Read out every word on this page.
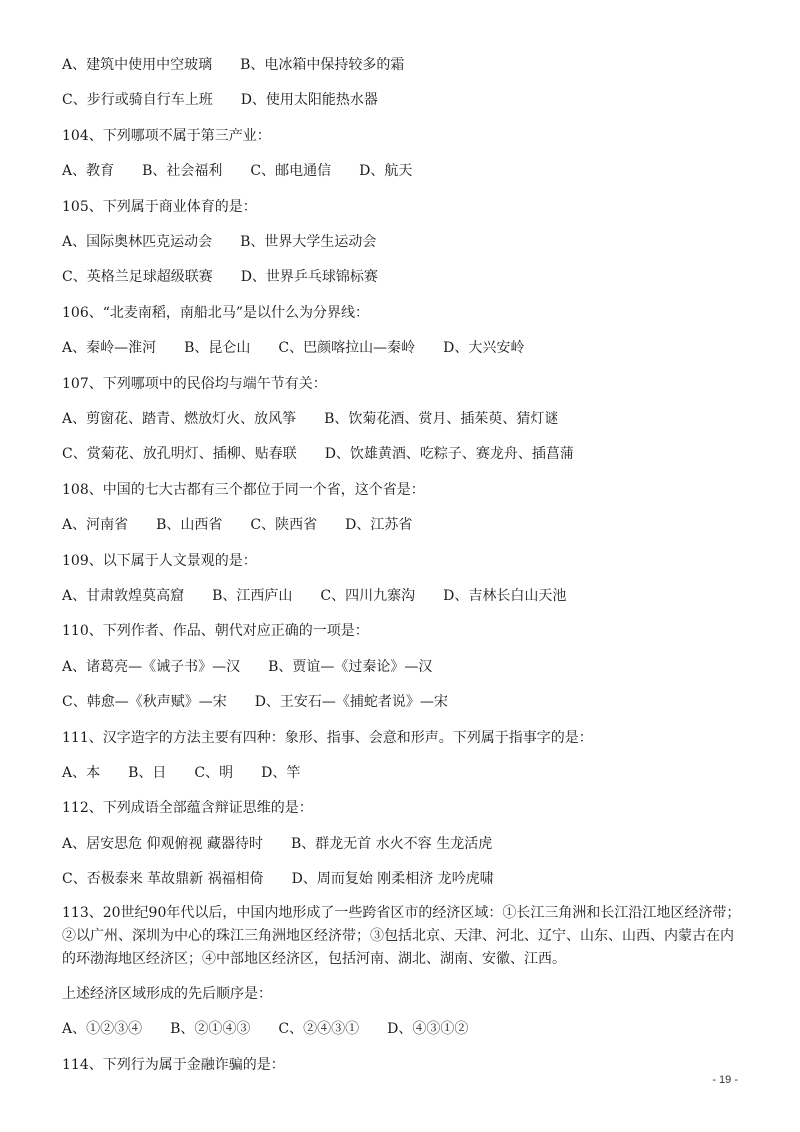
A、建筑中使用中空玻璃　　B、电冰箱中保持较多的霜
C、步行或骑自行车上班　　D、使用太阳能热水器
104、下列哪项不属于第三产业：
A、教育　　B、社会福利　　C、邮电通信　　D、航天
105、下列属于商业体育的是：
A、国际奥林匹克运动会　　B、世界大学生运动会
C、英格兰足球超级联赛　　D、世界乒乓球锦标赛
106、“北麦南稻，南船北马”是以什么为分界线：
A、秦岭—淮河　　B、昆仑山　　C、巴颜喀拉山—秦岭　　D、大兴安岭
107、下列哪项中的民俗均与端午节有关：
A、剪窗花、踏青、燃放灯火、放风筝　　B、饮菊花酒、赏月、插茱萸、猜灯谜
C、赏菊花、放孔明灯、插柳、贴春联　　D、饮雄黄酒、吃粽子、赛龙舟、插菖蒲
108、中国的七大古都有三个都位于同一个省，这个省是：
A、河南省　　B、山西省　　C、陕西省　　D、江苏省
109、以下属于人文景观的是：
A、甘肃敦煌莫高窟　　B、江西庐山　　C、四川九寨沟　　D、吉林长白山天池
110、下列作者、作品、朝代对应正确的一项是：
A、诸葛亮—《诫子书》—汉　　B、贾谊—《过秦论》—汉
C、韩愈—《秋声赋》—宋　　D、王安石—《捕蛇者说》—宋
111、汉字造字的方法主要有四种：象形、指事、会意和形声。下列属于指事字的是：
A、本　　B、日　　C、明　　D、竿
112、下列成语全部蕴含辩证思维的是：
A、居安思危 仰观俯视 藏器待时　　B、群龙无首 水火不容 生龙活虎
C、否极泰来 革故鼎新 祸福相倚　　D、周而复始 刚柔相济 龙吟虎啸
113、20世纪90年代以后，中国内地形成了一些跨省区市的经济区域：①长江三角洲和长江沿江地区经济带；②以广州、深圳为中心的珠江三角洲地区经济带；③包括北京、天津、河北、辽宁、山东、山西、内蒙古在内的环渤海地区经济区；④中部地区经济区，包括河南、湖北、湖南、安徽、江西。
上述经济区域形成的先后顺序是：
A、①②③④　　B、②①④③　　C、②④③①　　D、④③①②
114、下列行为属于金融诈骗的是：
- 19 -
